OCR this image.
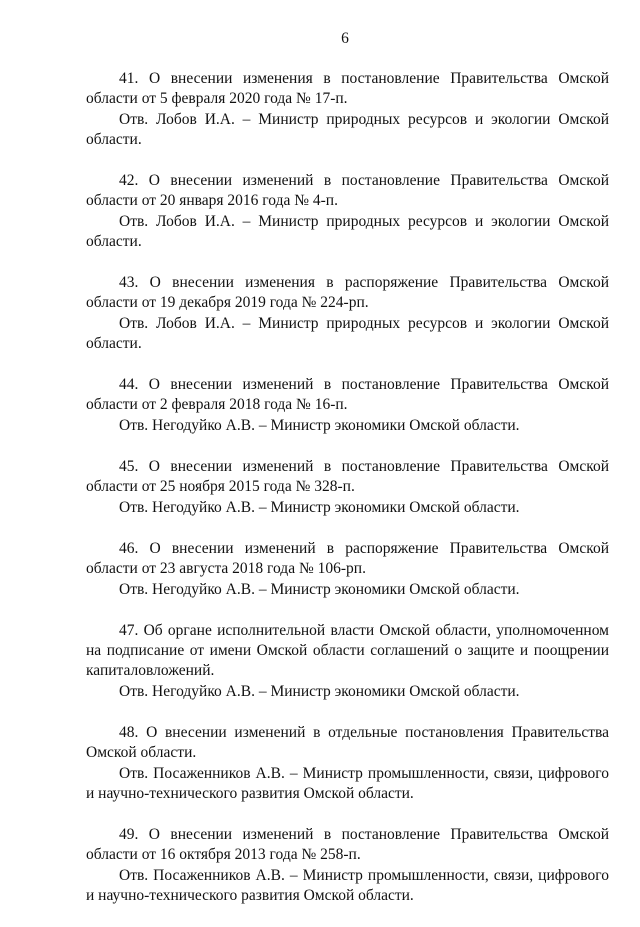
6

41. О внесении изменения в постановление Правительства Омской области от 5 февраля 2020 года № 17-п.

Отв. Лобов И.А. – Министр природных ресурсов и экологии Омской области.

42. О внесении изменений в постановление Правительства Омской области от 20 января 2016 года № 4-п.

Отв. Лобов И.А. – Министр природных ресурсов и экологии Омской области.

43. О внесении изменения в распоряжение Правительства Омской области от 19 декабря 2019 года № 224-рп.

Отв. Лобов И.А. – Министр природных ресурсов и экологии Омской области.

44. О внесении изменений в постановление Правительства Омской области от 2 февраля 2018 года № 16-п.

Отв. Негодуйко А.В. – Министр экономики Омской области.

45. О внесении изменений в постановление Правительства Омской области от 25 ноября 2015 года № 328-п.

Отв. Негодуйко А.В. – Министр экономики Омской области.

46. О внесении изменений в распоряжение Правительства Омской области от 23 августа 2018 года № 106-рп.

Отв. Негодуйко А.В. – Министр экономики Омской области.

47. Об органе исполнительной власти Омской области, уполномоченном на подписание от имени Омской области соглашений о защите и поощрении капиталовложений.

Отв. Негодуйко А.В. – Министр экономики Омской области.

48. О внесении изменений в отдельные постановления Правительства Омской области.

Отв. Посаженников А.В. – Министр промышленности, связи, цифрового и научно-технического развития Омской области.

49. О внесении изменений в постановление Правительства Омской области от 16 октября 2013 года № 258-п.

Отв. Посаженников А.В. – Министр промышленности, связи, цифрового и научно-технического развития Омской области.
